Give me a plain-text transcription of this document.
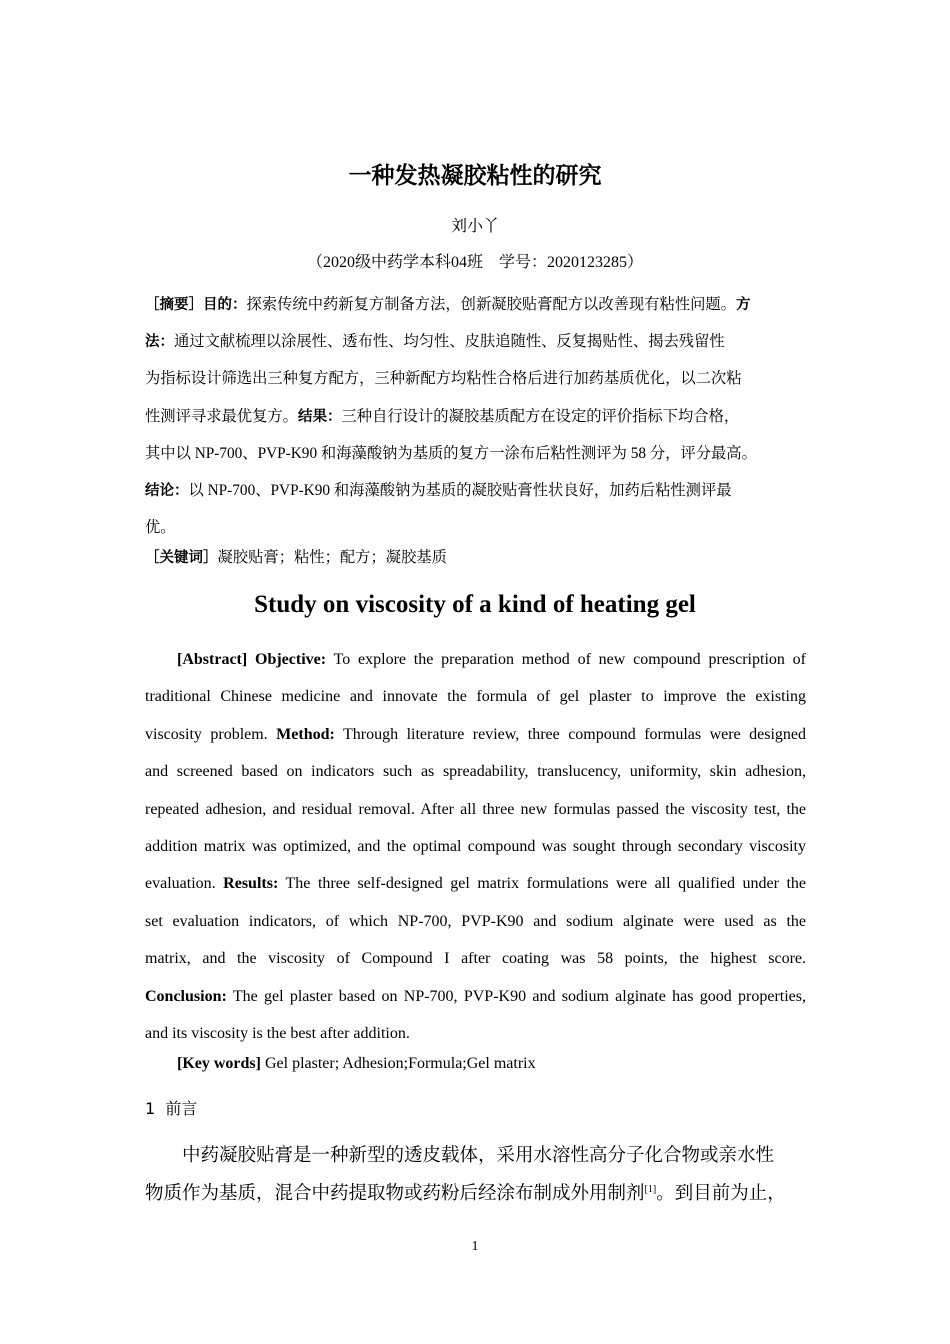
一种发热凝胶粘性的研究
刘小丫
（2020级中药学本科04班　学号：2020123285）
［摘要］目的：探索传统中药新复方制备方法，创新凝胶贴膏配方以改善现有粘性问题。方
法：通过文献梳理以涂展性、透布性、均匀性、皮肤追随性、反复揭贴性、揭去残留性
为指标设计筛选出三种复方配方，三种新配方均粘性合格后进行加药基质优化，以二次粘
性测评寻求最优复方。结果：三种自行设计的凝胶基质配方在设定的评价指标下均合格，
其中以 NP-700、PVP-K90 和海藻酸钠为基质的复方一涂布后粘性测评为 58 分，评分最高。
结论：以 NP-700、PVP-K90 和海藻酸钠为基质的凝胶贴膏性状良好，加药后粘性测评最
优。
［关键词］凝胶贴膏；粘性；配方；凝胶基质
Study on viscosity of a kind of heating gel
[Abstract] Objective: To explore the preparation method of new compound prescription of
traditional Chinese medicine and innovate the formula of gel plaster to improve the existing
viscosity problem. Method: Through literature review, three compound formulas were designed
and screened based on indicators such as spreadability, translucency, uniformity, skin adhesion,
repeated adhesion, and residual removal. After all three new formulas passed the viscosity test, the
addition matrix was optimized, and the optimal compound was sought through secondary viscosity
evaluation. Results: The three self-designed gel matrix formulations were all qualified under the
set evaluation indicators, of which NP-700, PVP-K90 and sodium alginate were used as the
matrix, and the viscosity of Compound I after coating was 58 points, the highest score.
Conclusion: The gel plaster based on NP-700, PVP-K90 and sodium alginate has good properties,
and its viscosity is the best after addition.
[Key words] Gel plaster; Adhesion;Formula;Gel matrix
1 前言
中药凝胶贴膏是一种新型的透皮载体，采用水溶性高分子化合物或亲水性
物质作为基质，混合中药提取物或药粉后经涂布制成外用制剂[1]。到目前为止，
1
